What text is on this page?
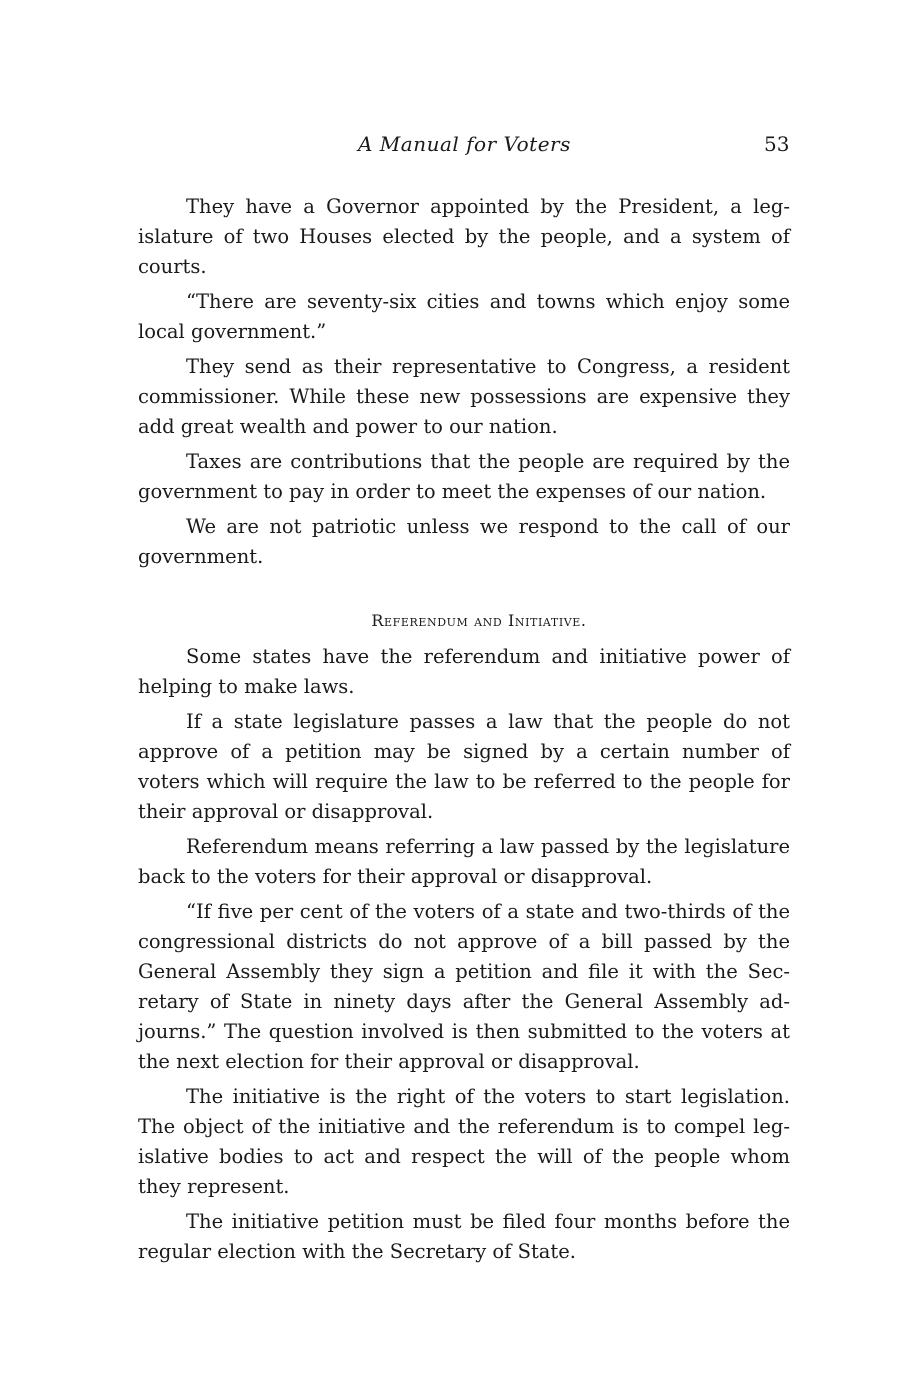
A Manual for Voters	53

They have a Governor appointed by the President, a legislature of two Houses elected by the people, and a system of courts.

“There are seventy-six cities and towns which enjoy some local government.”

They send as their representative to Congress, a resident commissioner. While these new possessions are expensive they add great wealth and power to our nation.

Taxes are contributions that the people are required by the government to pay in order to meet the expenses of our nation.

We are not patriotic unless we respond to the call of our government.

Referendum and Initiative.

Some states have the referendum and initiative power of helping to make laws.

If a state legislature passes a law that the people do not approve of a petition may be signed by a certain number of voters which will require the law to be referred to the people for their approval or disapproval.

Referendum means referring a law passed by the legislature back to the voters for their approval or disapproval.

“If five per cent of the voters of a state and two-thirds of the congressional districts do not approve of a bill passed by the General Assembly they sign a petition and file it with the Secretary of State in ninety days after the General Assembly adjourns.” The question involved is then submitted to the voters at the next election for their approval or disapproval.

The initiative is the right of the voters to start legislation. The object of the initiative and the referendum is to compel legislative bodies to act and respect the will of the people whom they represent.

The initiative petition must be filed four months before the regular election with the Secretary of State.
